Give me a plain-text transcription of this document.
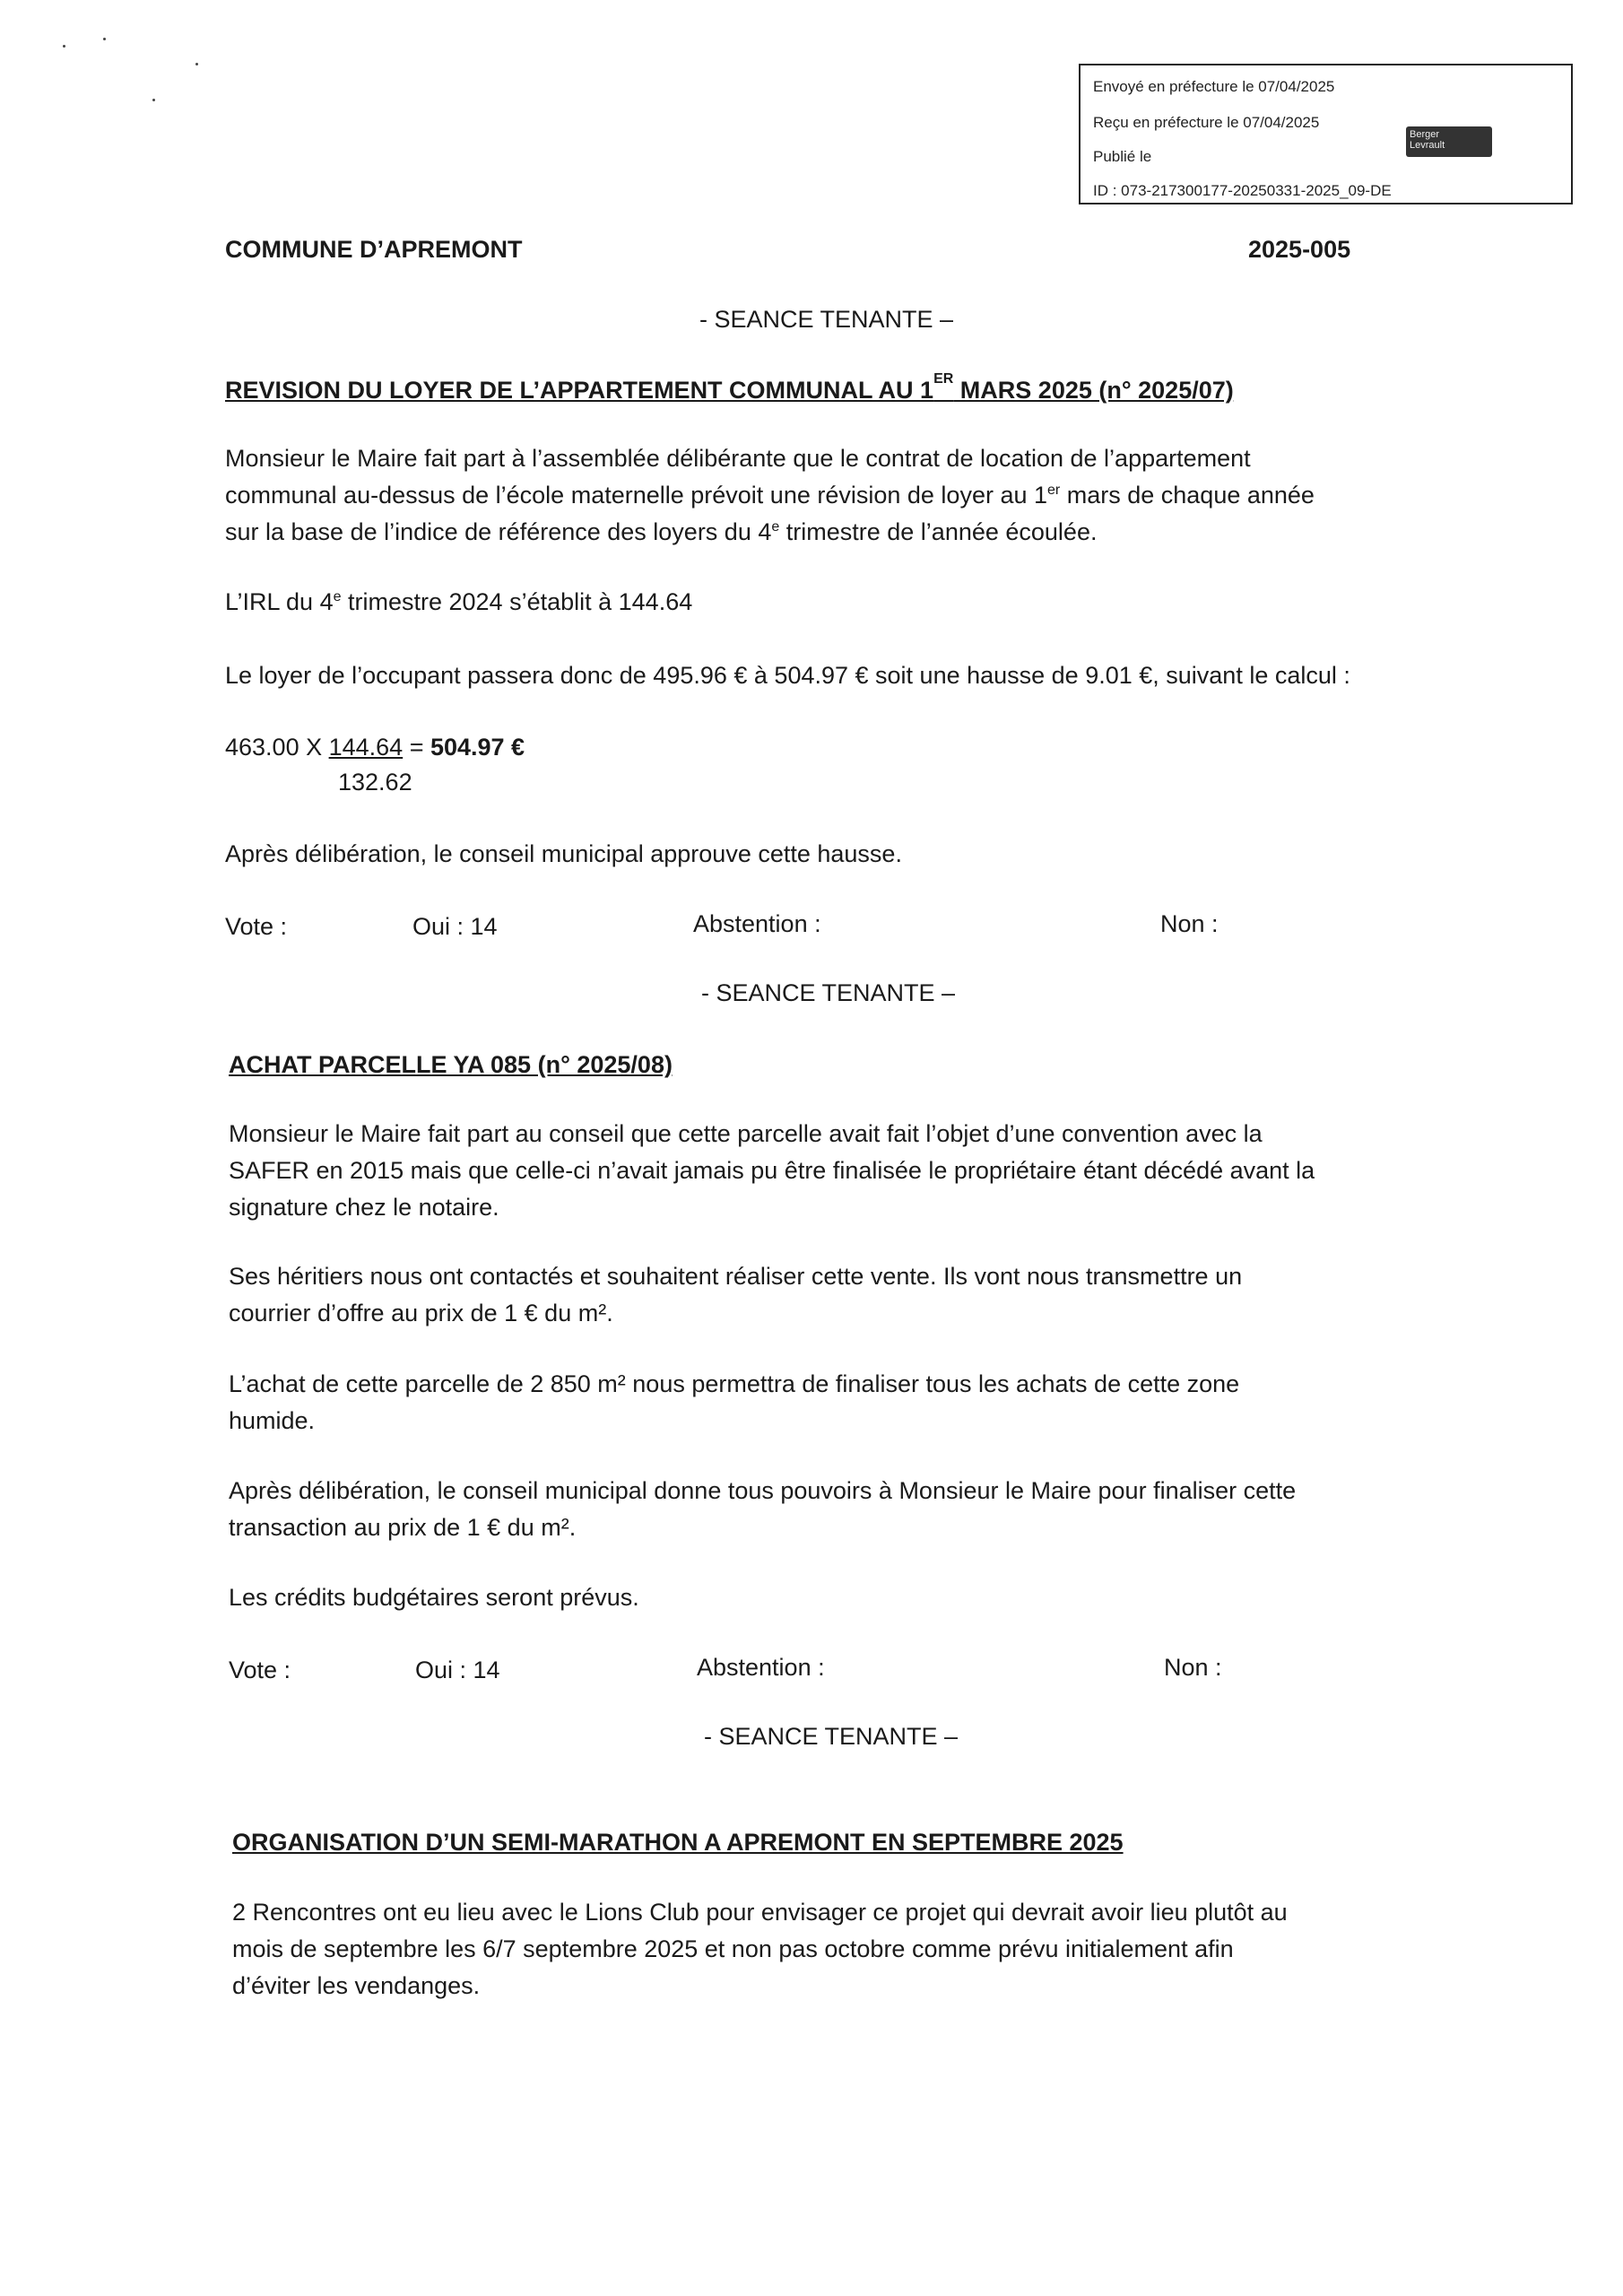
Envoyé en préfecture le 07/04/2025
Reçu en préfecture le 07/04/2025
Publié le
ID : 073-217300177-20250331-2025_09-DE
Berger
Levrault
COMMUNE D’APREMONT	2025-005
- SEANCE TENANTE –
REVISION DU LOYER DE L’APPARTEMENT COMMUNAL AU 1ER MARS 2025 (n° 2025/07)
Monsieur le Maire fait part à l’assemblée délibérante que le contrat de location de l’appartement
communal au-dessus de l’école maternelle prévoit une révision de loyer au 1er mars de chaque année
sur la base de l’indice de référence des loyers du 4e trimestre de l’année écoulée.
L’IRL du 4e trimestre 2024 s’établit à 144.64
Le loyer de l’occupant passera donc de 495.96 € à 504.97 € soit une hausse de 9.01 €, suivant le calcul :
463.00 X 144.64 = 504.97 €
132.62
Après délibération, le conseil municipal approuve cette hausse.
Vote :	Oui : 14	Abstention :	Non :
- SEANCE TENANTE –
ACHAT PARCELLE YA 085 (n° 2025/08)
Monsieur le Maire fait part au conseil que cette parcelle avait fait l’objet d’une convention avec la
SAFER en 2015 mais que celle-ci n’avait jamais pu être finalisée le propriétaire étant décédé avant la
signature chez le notaire.
Ses héritiers nous ont contactés et souhaitent réaliser cette vente. Ils vont nous transmettre un
courrier d’offre au prix de 1 € du m².
L’achat de cette parcelle de 2 850 m² nous permettra de finaliser tous les achats de cette zone
humide.
Après délibération, le conseil municipal donne tous pouvoirs à Monsieur le Maire pour finaliser cette
transaction au prix de 1 € du m².
Les crédits budgétaires seront prévus.
Vote :	Oui : 14	Abstention :	Non :
- SEANCE TENANTE –
ORGANISATION D’UN SEMI-MARATHON A APREMONT EN SEPTEMBRE 2025
2 Rencontres ont eu lieu avec le Lions Club pour envisager ce projet qui devrait avoir lieu plutôt au
mois de septembre les 6/7 septembre 2025 et non pas octobre comme prévu initialement afin
d’éviter les vendanges.
